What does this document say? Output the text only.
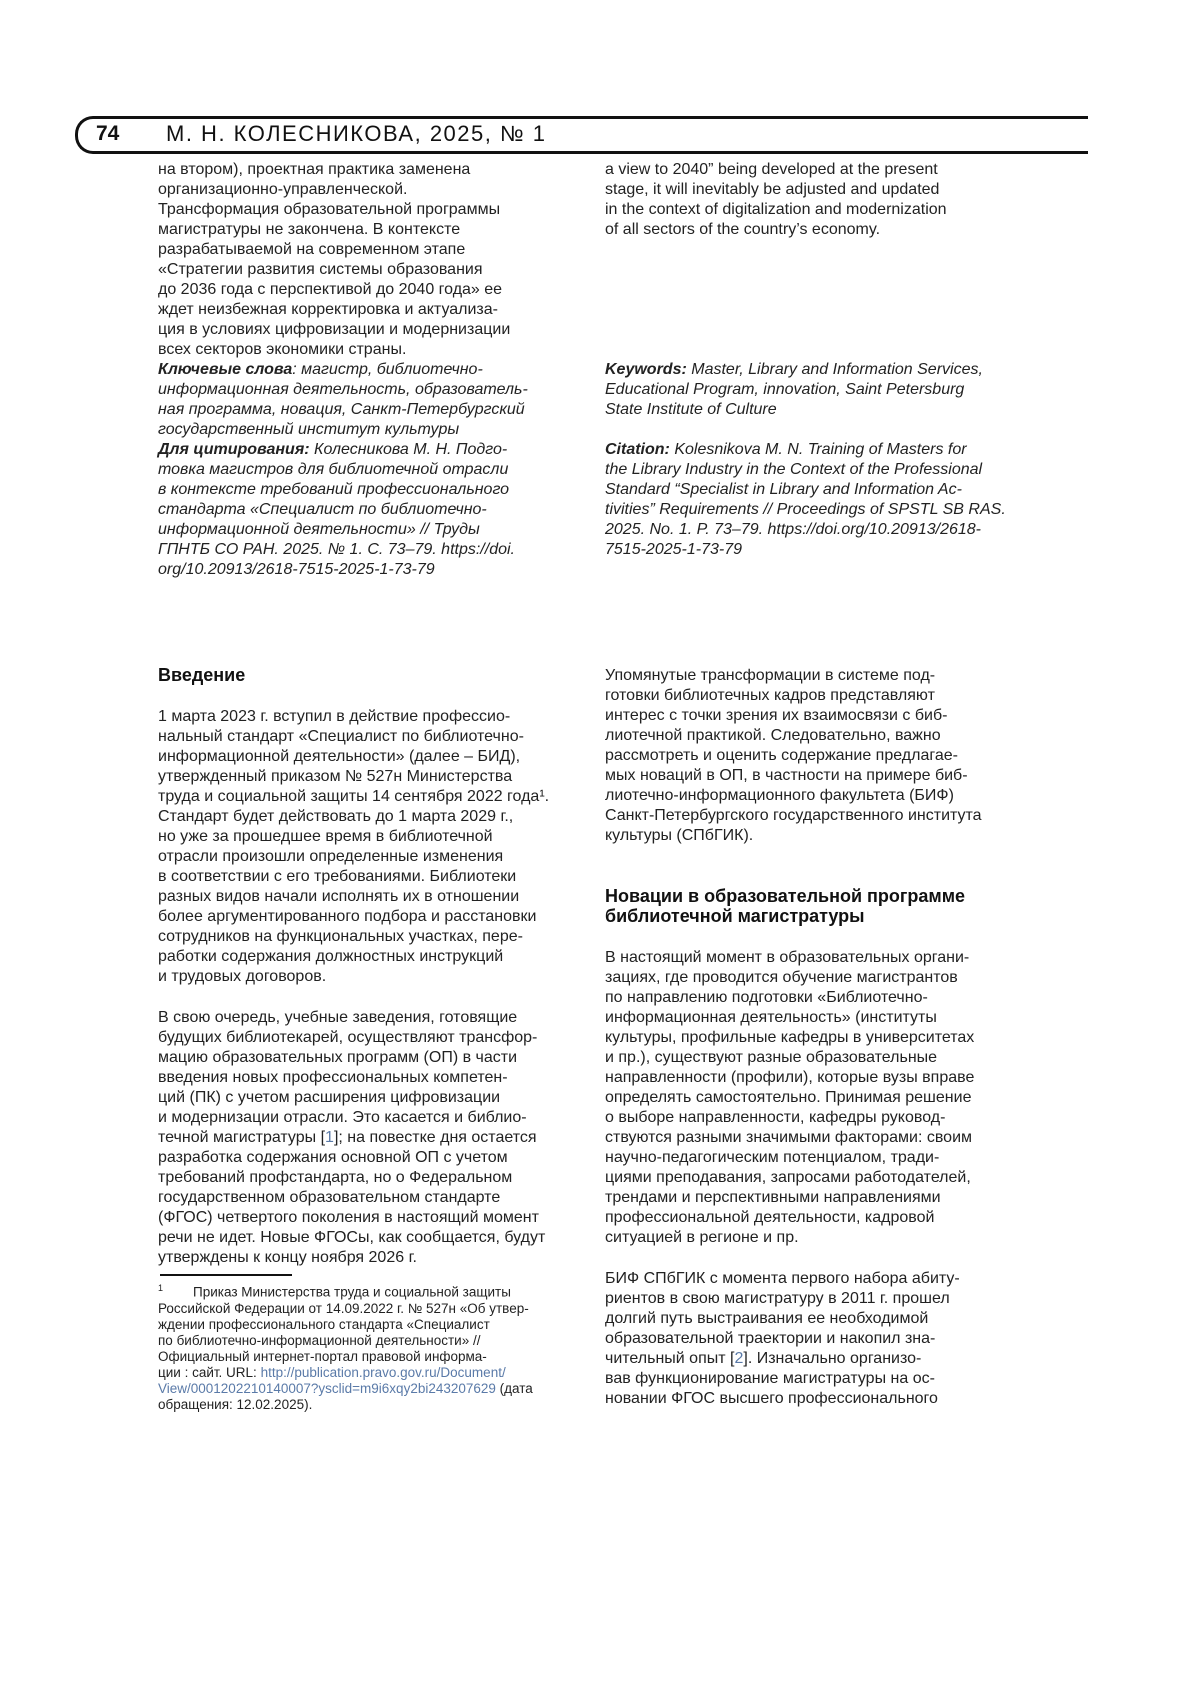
74 М. Н. КОЛЕСНИКОВА, 2025, № 1
на втором), проектная практика заменена
организационно-управленческой.
Трансформация образовательной программы
магистратуры не закончена. В контексте
разрабатываемой на современном этапе
«Стратегии развития системы образования
до 2036 года с перспективой до 2040 года» ее
ждет неизбежная корректировка и актуализа-
ция в условиях цифровизации и модернизации
всех секторов экономики страны.
Ключевые слова: магистр, библиотечно-
информационная деятельность, образователь-
ная программа, новация, Санкт-Петербургский
государственный институт культуры
Для цитирования: Колесникова М. Н. Подго-
товка магистров для библиотечной отрасли
в контексте требований профессионального
стандарта «Специалист по библиотечно-
информационной деятельности» // Труды
ГПНТБ СО РАН. 2025. № 1. С. 73–79. https://doi.
org/10.20913/2618-7515-2025-1-73-79
a view to 2040” being developed at the present
stage, it will inevitably be adjusted and updated
in the context of digitalization and modernization
of all sectors of the country’s economy.
Keywords: Master, Library and Information Services,
Educational Program, innovation, Saint Petersburg
State Institute of Culture
Citation: Kolesnikova M. N. Training of Masters for
the Library Industry in the Context of the Professional
Standard “Specialist in Library and Information Ac-
tivities” Requirements // Proceedings of SPSTL SB RAS.
2025. No. 1. P. 73–79. https://doi.org/10.20913/2618-
7515-2025-1-73-79
Введение
1 марта 2023 г. вступил в действие профессио-
нальный стандарт «Специалист по библиотечно-
информационной деятельности» (далее – БИД),
утвержденный приказом № 527н Министерства
труда и социальной защиты 14 сентября 2022 года¹.
Стандарт будет действовать до 1 марта 2029 г.,
но уже за прошедшее время в библиотечной
отрасли произошли определенные изменения
в соответствии с его требованиями. Библиотеки
разных видов начали исполнять их в отношении
более аргументированного подбора и расстановки
сотрудников на функциональных участках, пере-
работки содержания должностных инструкций
и трудовых договоров.
В свою очередь, учебные заведения, готовящие
будущих библиотекарей, осуществляют трансфор-
мацию образовательных программ (ОП) в части
введения новых профессиональных компетен-
ций (ПК) с учетом расширения цифровизации
и модернизации отрасли. Это касается и библио-
течной магистратуры [1]; на повестке дня остается
разработка содержания основной ОП с учетом
требований профстандарта, но о Федеральном
государственном образовательном стандарте
(ФГОС) четвертого поколения в настоящий момент
речи не идет. Новые ФГОСы, как сообщается, будут
утверждены к концу ноября 2026 г.
1 Приказ Министерства труда и социальной защиты
Российской Федерации от 14.09.2022 г. № 527н «Об утвер-
ждении профессионального стандарта «Специалист
по библиотечно-информационной деятельности» //
Официальный интернет-портал правовой информа-
ции : сайт. URL: http://publication.pravo.gov.ru/Document/
View/0001202210140007?ysclid=m9i6xqy2bi243207629 (дата
обращения: 12.02.2025).
Упомянутые трансформации в системе под-
готовки библиотечных кадров представляют
интерес с точки зрения их взаимосвязи с биб-
лиотечной практикой. Следовательно, важно
рассмотреть и оценить содержание предлагае-
мых новаций в ОП, в частности на примере биб-
лиотечно-информационного факультета (БИФ)
Санкт-Петербургского государственного института
культуры (СПбГИК).
Новации в образовательной программе
библиотечной магистратуры
В настоящий момент в образовательных органи-
зациях, где проводится обучение магистрантов
по направлению подготовки «Библиотечно-
информационная деятельность» (институты
культуры, профильные кафедры в университетах
и пр.), существуют разные образовательные
направленности (профили), которые вузы вправе
определять самостоятельно. Принимая решение
о выборе направленности, кафедры руковод-
ствуются разными значимыми факторами: своим
научно-педагогическим потенциалом, тради-
циями преподавания, запросами работодателей,
трендами и перспективными направлениями
профессиональной деятельности, кадровой
ситуацией в регионе и пр.
БИФ СПбГИК с момента первого набора абиту-
риентов в свою магистратуру в 2011 г. прошел
долгий путь выстраивания ее необходимой
образовательной траектории и накопил зна-
чительный опыт [2]. Изначально организо-
вав функционирование магистратуры на ос-
новании ФГОС высшего профессионального
